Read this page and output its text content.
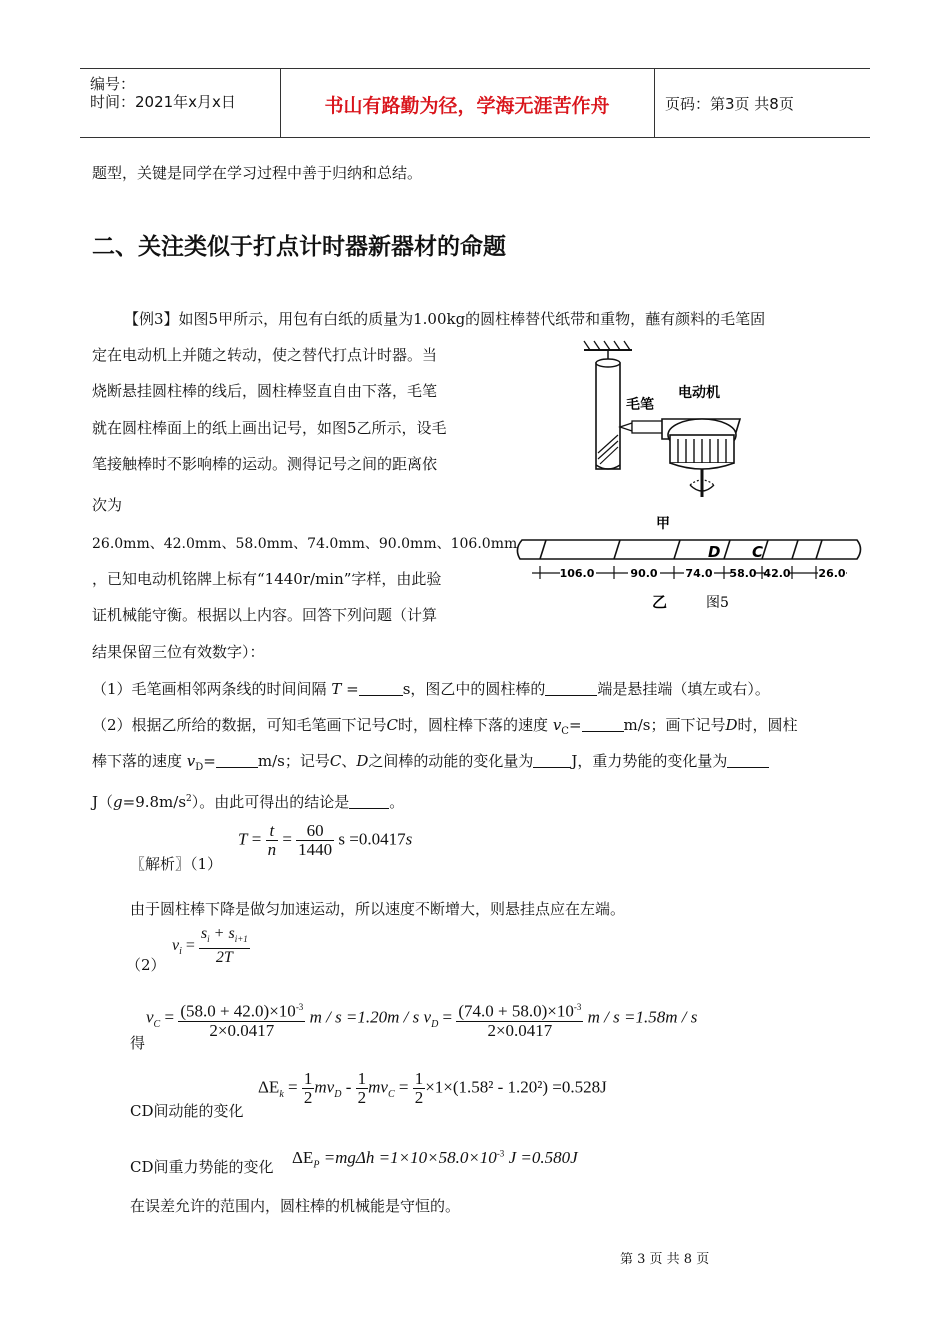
编号：
时间：2021年x月x日	书山有路勤为径，学海无涯苦作舟	页码：第3页 共8页
题型，关键是同学在学习过程中善于归纳和总结。
二、关注类似于打点计时器新器材的命题
【例3】如图5甲所示，用包有白纸的质量为1.00kg的圆柱棒替代纸带和重物，蘸有颜料的毛笔固
定在电动机上并随之转动，使之替代打点计时器。当
烧断悬挂圆柱棒的线后，圆柱棒竖直自由下落，毛笔
就在圆柱棒面上的纸上画出记号，如图5乙所示，设毛
笔接触棒时不影响棒的运动。测得记号之间的距离依
次为
26.0mm、42.0mm、58.0mm、74.0mm、90.0mm、106.0mm
，已知电动机铭牌上标有“1440r/min”字样，由此验
证机械能守衡。根据以上内容。回答下列问题（计算
结果保留三位有效数字）：
（1）毛笔画相邻两条线的时间间隔 T =	s，图乙中的圆柱棒的	端是悬挂端（填左或右）。
（2）根据乙所给的数据，可知毛笔画下记号C时，圆柱棒下落的速度 $v_C=$	m/s；画下记号D时，圆柱
棒下落的速度 $v_D=$	m/s；记号C、D之间棒的动能的变化量为	J，重力势能的变化量为
$J(g=9.8m/s^2)$。由此可得出的结论是	。
毛笔
电动机
甲
D C
106.0	90.0	74.0 58.0 42.0	26.0
乙	图5
〖解析〗（1）
$T = \frac{t}{n} = \frac{60}{1440}$ s =0.0417s
由于圆柱棒下降是做匀加速运动，所以速度不断增大，则悬挂点应在左端。
（2）
$v_i = \frac{s_i + s_{i+1}}{2T}$
得
$v_C = \frac{(58.0 + 42.0)\times 10^{-3}}{2\times 0.0417}$ m / s =1.20m / s $v_D = \frac{(74.0 + 58.0)\times 10^{-3}}{2\times 0.0417}$ m / s =1.58m / s
CD间动能的变化
$\Delta E_k = \frac{1}{2} mv_D - \frac{1}{2} mv_C = \frac{1}{2} \times 1\times(1.58^2 - 1.20^2) =0.528J$
CD间重力势能的变化 $\Delta E_P =mg\Delta h =1\times 10\times 58.0\times 10^{-3}$ J =0.580J
在误差允许的范围内，圆柱棒的机械能是守恒的。
第 3 页 共 8 页
